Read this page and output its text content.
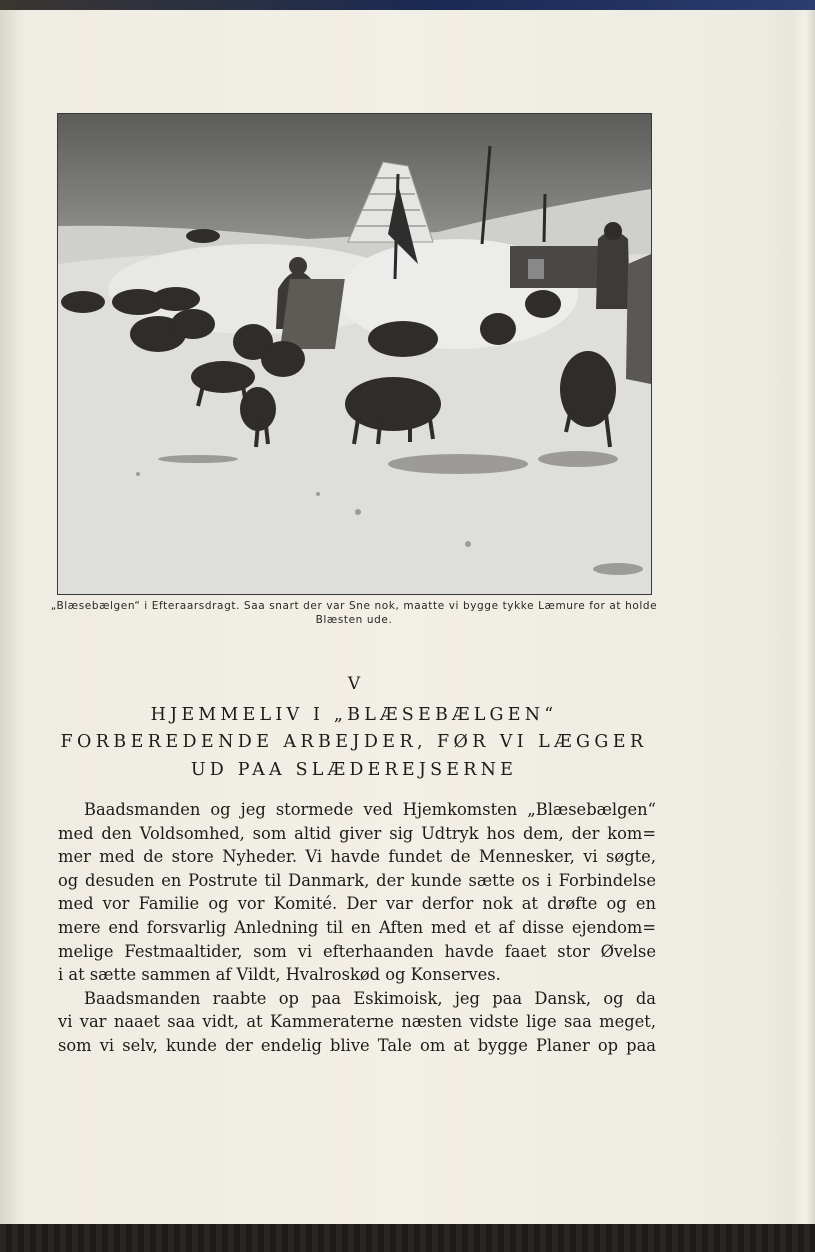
„Blæsebælgen“ i Efteraarsdragt. Saa snart der var Sne nok, maatte vi bygge tykke Læmure for at holde
Blæsten ude.
V
HJEMMELIV I „BLÆSEBÆLGEN“
FORBEREDENDE ARBEJDER, FØR VI LÆGGER
UD PAA SLÆDEREJSERNE
Baadsmanden og jeg stormede ved Hjemkomsten „Blæsebælgen“
med den Voldsomhed, som altid giver sig Udtryk hos dem, der kom=
mer med de store Nyheder. Vi havde fundet de Mennesker, vi søgte,
og desuden en Postrute til Danmark, der kunde sætte os i Forbindelse
med vor Familie og vor Komité. Der var derfor nok at drøfte og en
mere end forsvarlig Anledning til en Aften med et af disse ejendom=
melige Festmaaltider, som vi efterhaanden havde faaet stor Øvelse
i at sætte sammen af Vildt, Hvalroskød og Konserves.
Baadsmanden raabte op paa Eskimoisk, jeg paa Dansk, og da
vi var naaet saa vidt, at Kammeraterne næsten vidste lige saa meget,
som vi selv, kunde der endelig blive Tale om at bygge Planer op paa
